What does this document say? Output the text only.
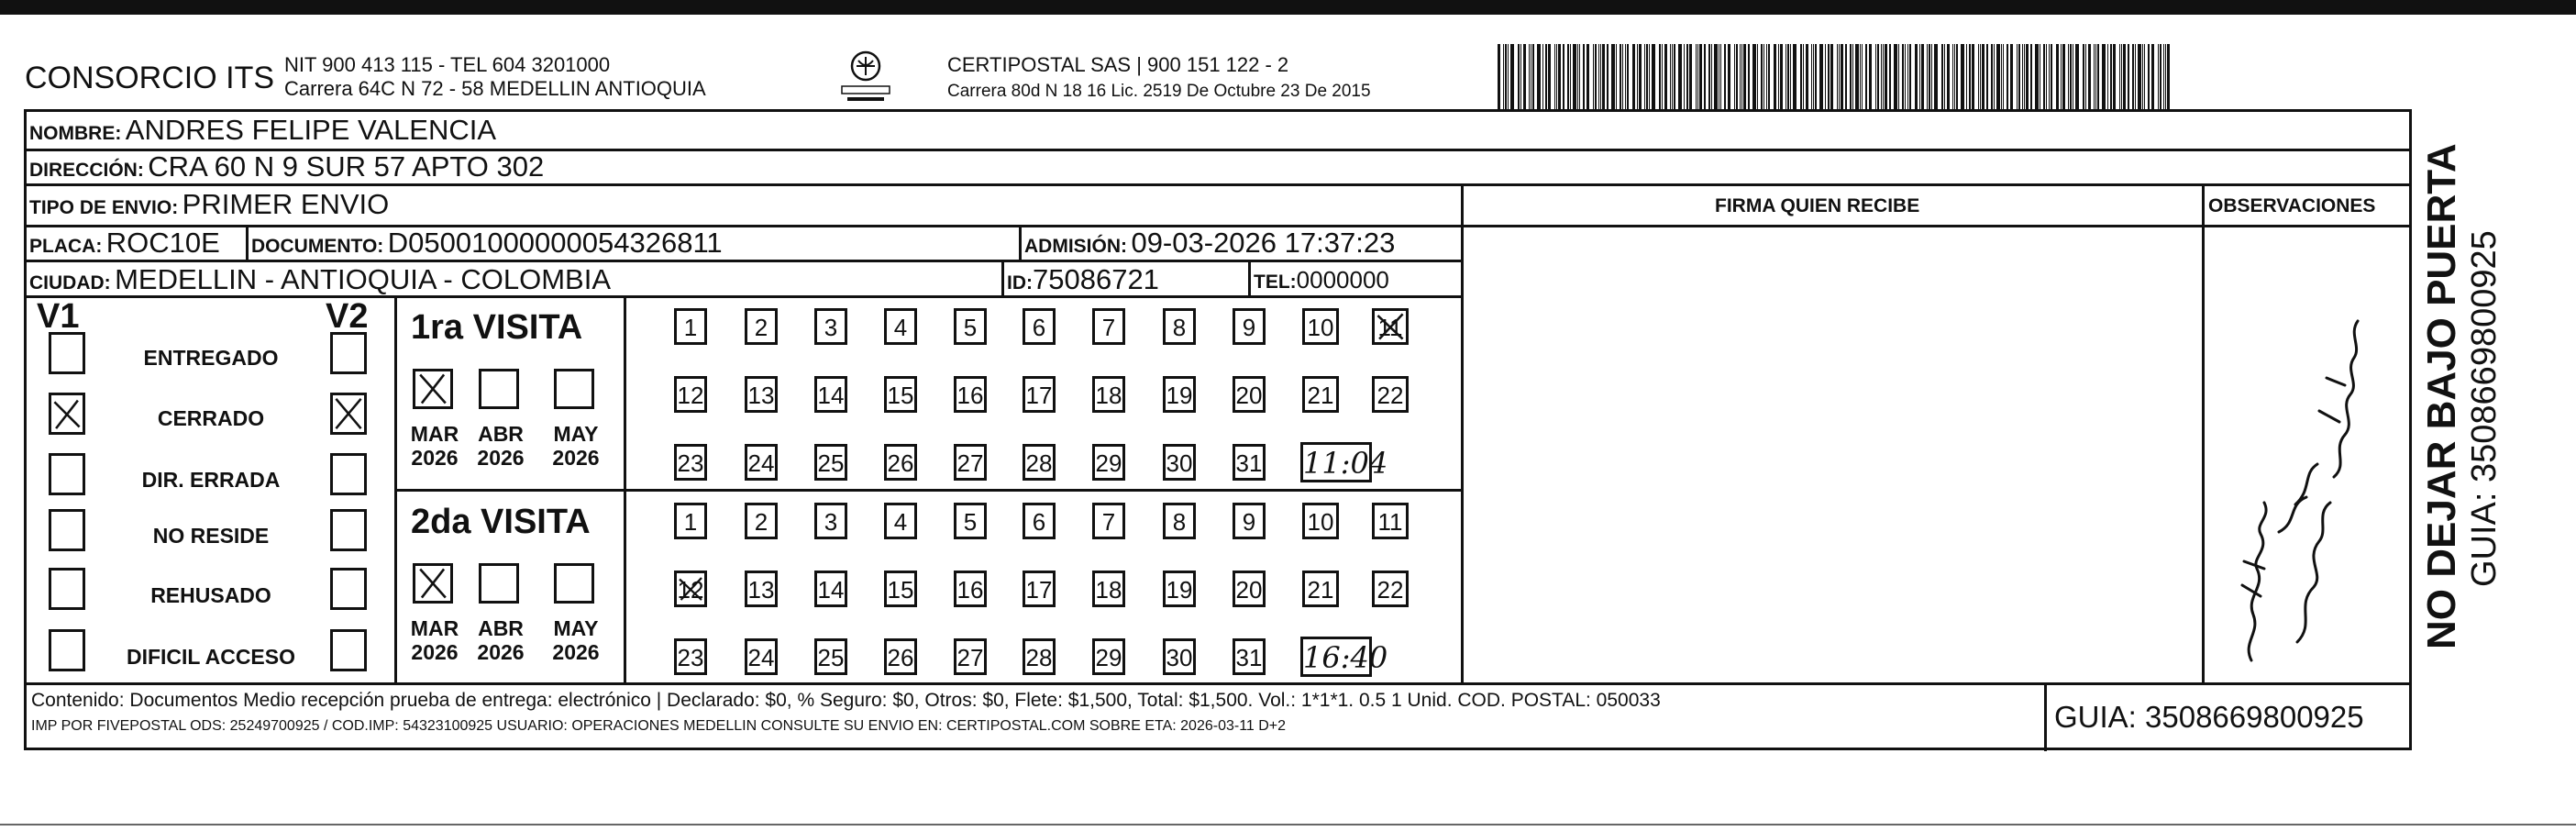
CONSORCIO ITS NIT 900 413 115 - TEL 604 3201000
Carrera 64C N 72 - 58 MEDELLIN ANTIOQUIA
CERTIPOSTAL SAS | 900 151 122 - 2
Carrera 80d N 18 16 Lic. 2519 De Octubre 23 De 2015
NOMBRE: ANDRES FELIPE VALENCIA
DIRECCIÓN: CRA 60 N 9 SUR 57 APTO 302
TIPO DE ENVIO: PRIMER ENVIO	FIRMA QUIEN RECIBE	OBSERVACIONES
PLACA: ROC10E DOCUMENTO: D05001000000054326811	ADMISIÓN: 09-03-2026 17:37:23
CIUDAD: MEDELLIN - ANTIOQUIA - COLOMBIA	ID:75086721	TEL:0000000
V1	V2
ENTREGADO
CERRADO
DIR. ERRADA
NO RESIDE
REHUSADO
DIFICIL ACCESO
1ra VISITA
MAR
2026
ABR
2026
MAY
2026
1	2	3	4	5	6	7	8	9	10 11
12 13 14 15 16 17 18 19 20 21 22
23 24 25 26 27 28 29 30 31 11:04
2da VISITA
MAR
2026
ABR
2026
MAY
2026
1	2	3	4	5	6	7	8	9	10 11
12 13 14 15 16 17 18 19 20 21 22
23 24 25 26 27 28 29 30 31 16:40
Contenido: Documentos Medio recepción prueba de entrega: electrónico | Declarado: $0, % Seguro: $0, Otros: $0, Flete: $1,500, Total: $1,500. Vol.: 1*1*1. 0.5 1 Unid. COD. POSTAL: 050033
IMP POR FIVEPOSTAL ODS: 25249700925 / COD.IMP: 54323100925 USUARIO: OPERACIONES MEDELLIN CONSULTE SU ENVIO EN: CERTIPOSTAL.COM SOBRE ETA: 2026-03-11 D+2	GUIA: 3508669800925
NO DEJAR BAJO PUERTA GUIA: 3508669800925
